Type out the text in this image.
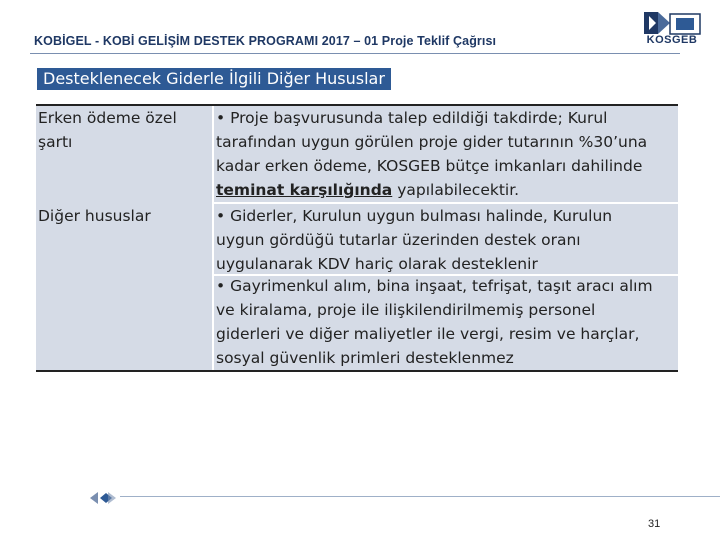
KOBİGEL - KOBİ GELİŞİM DESTEK PROGRAMI 2017 – 01 Proje Teklif Çağrısı	KOSGEB
Desteklenecek Giderle İlgili Diğer Hususlar
Erken ödeme özel
şartı
• Proje başvurusunda talep edildiği takdirde; Kurul
tarafından uygun görülen proje gider tutarının %30’una
kadar erken ödeme, KOSGEB bütçe imkanları dahilinde
teminat karşılığında yapılabilecektir.
Diğer hususlar	• Giderler, Kurulun uygun bulması halinde, Kurulun
uygun gördüğü tutarlar üzerinden destek oranı
uygulanarak KDV hariç olarak desteklenir
• Gayrimenkul alım, bina inşaat, tefrişat, taşıt aracı alım
ve kiralama, proje ile ilişkilendirilmemiş personel
giderleri ve diğer maliyetler ile vergi, resim ve harçlar,
sosyal güvenlik primleri desteklenmez
31
